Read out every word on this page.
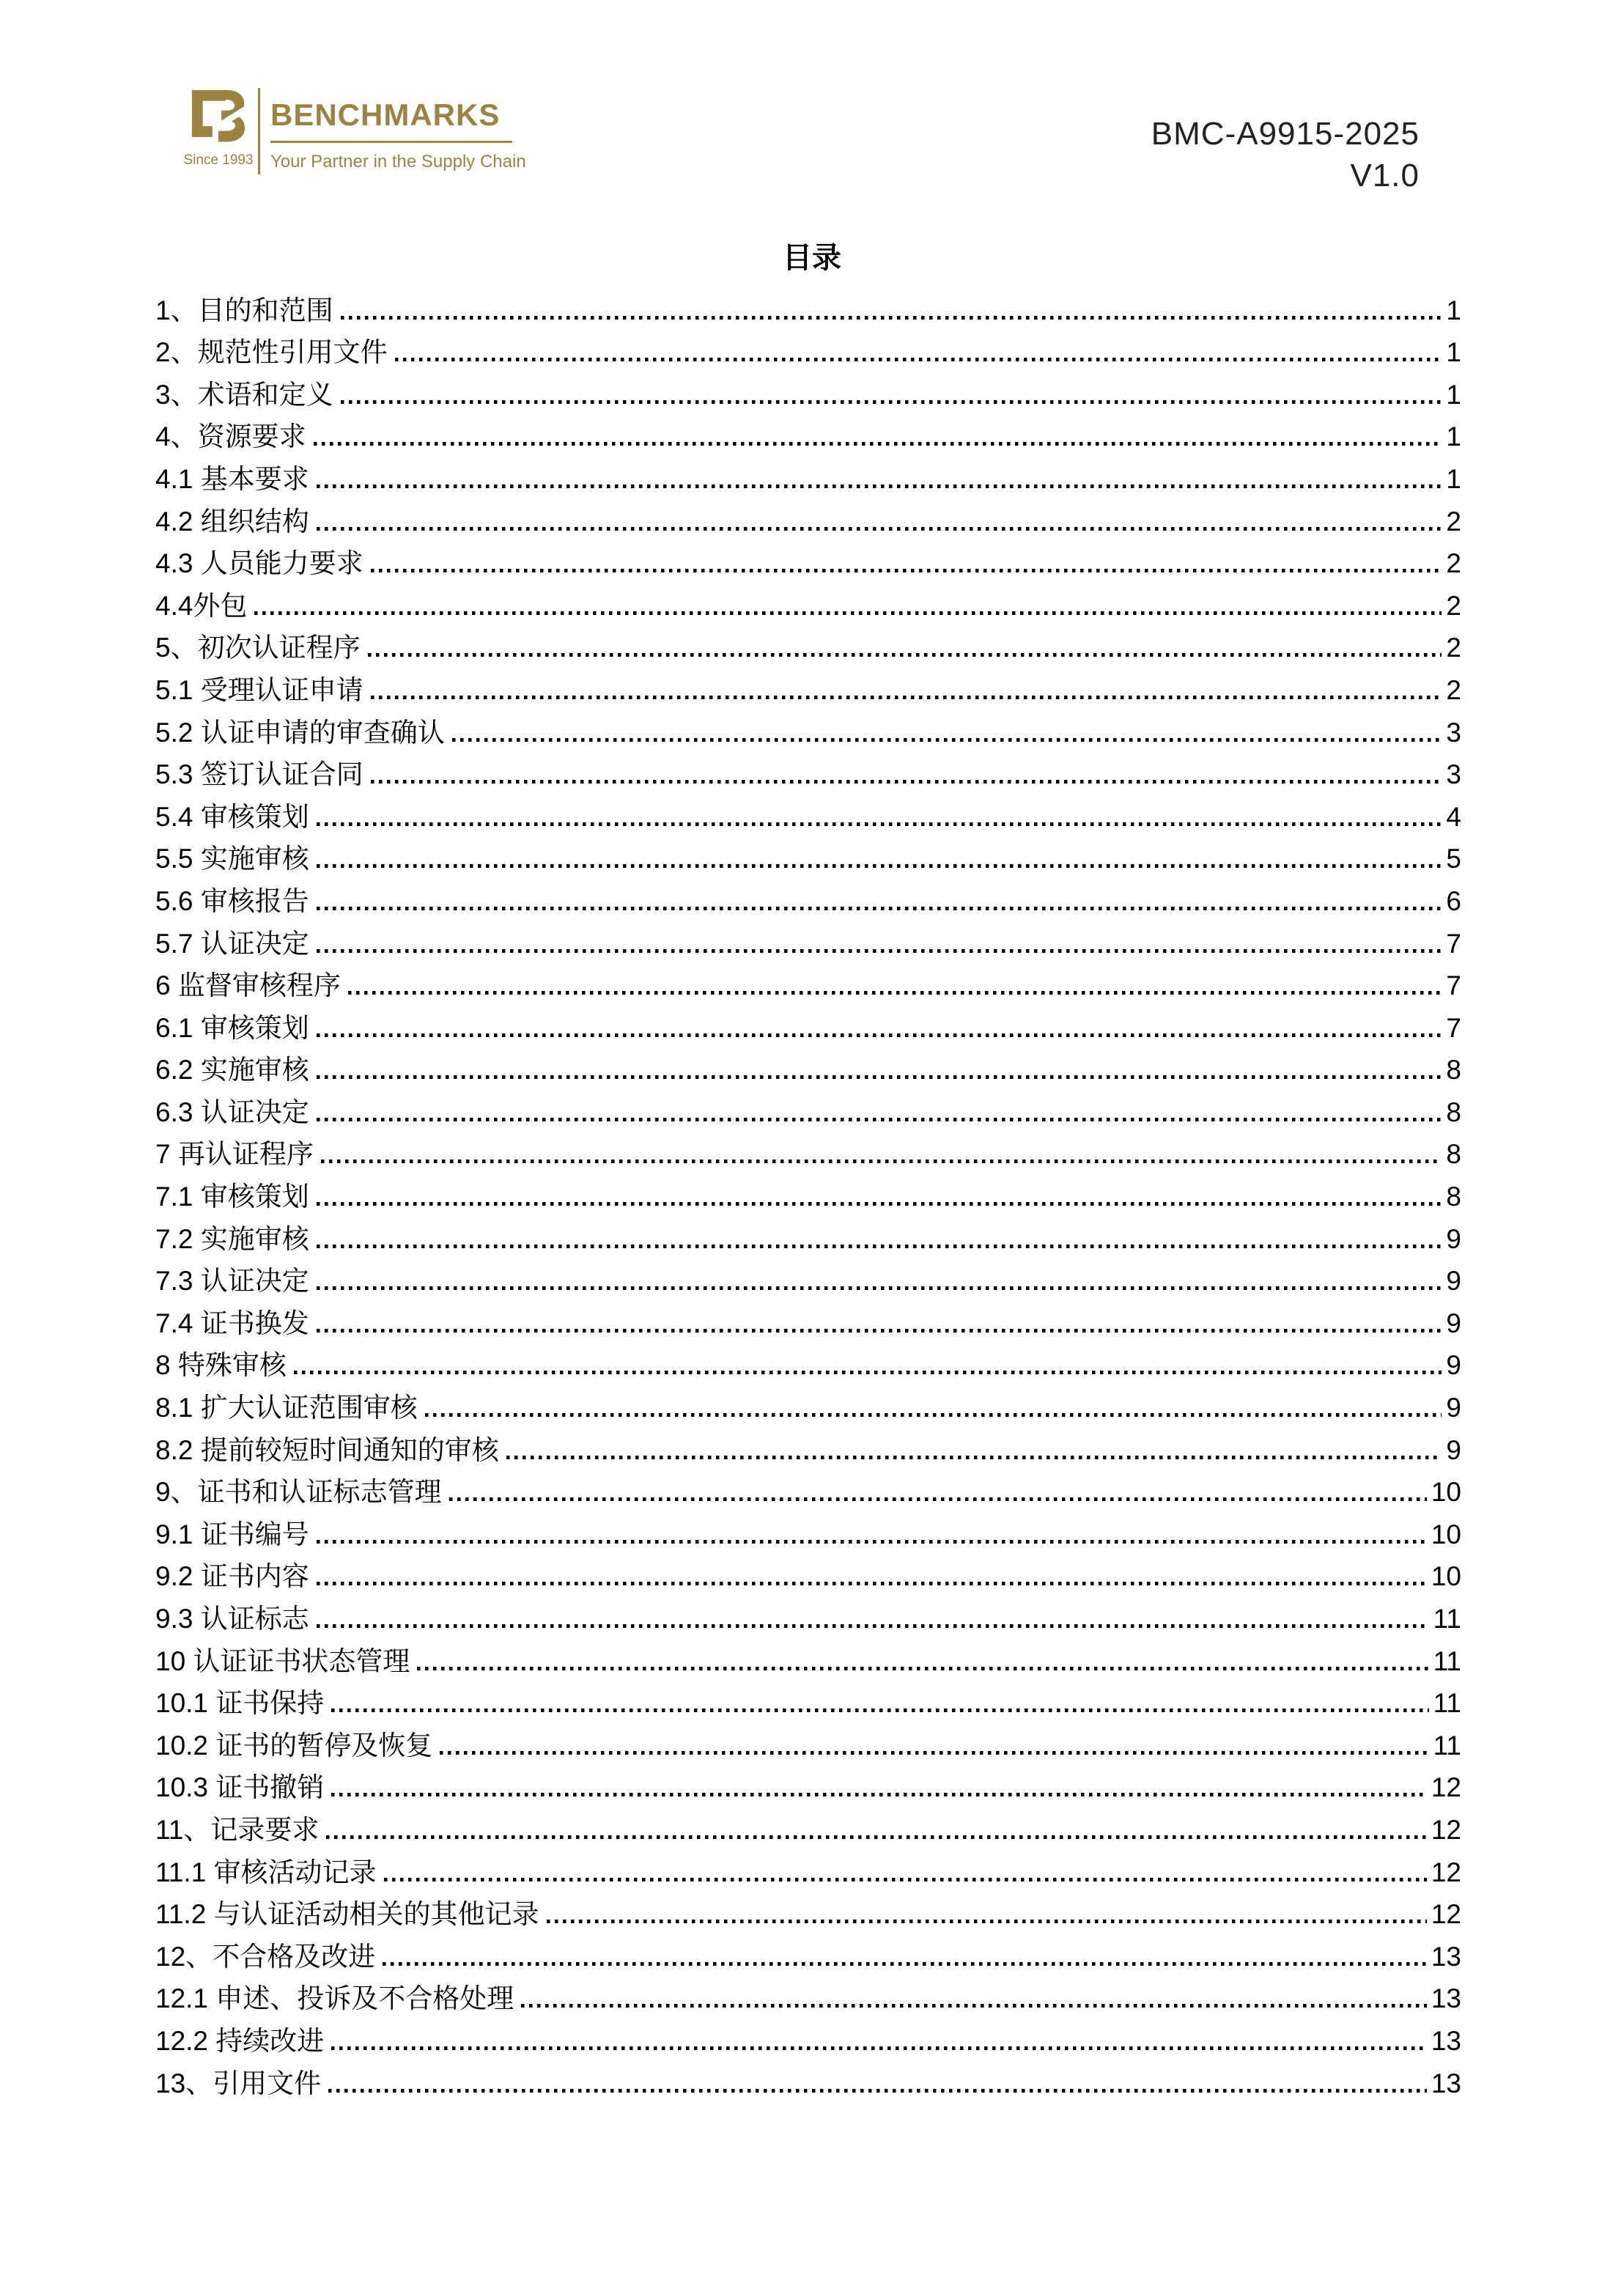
Since 1993
BENCHMARKS
Your Partner in the Supply Chain
BMC-A9915-2025
V1.0
目录
1、目的和范围	1
2、规范性引用文件	1
3、术语和定义	1
4、资源要求	1
4.1 基本要求	1
4.2 组织结构	2
4.3 人员能力要求	2
4.4外包	2
5、初次认证程序	2
5.1 受理认证申请	2
5.2 认证申请的审查确认	3
5.3 签订认证合同	3
5.4 审核策划	4
5.5 实施审核	5
5.6 审核报告	6
5.7 认证决定	7
6 监督审核程序	7
6.1 审核策划	7
6.2 实施审核	8
6.3 认证决定	8
7 再认证程序	8
7.1 审核策划	8
7.2 实施审核	9
7.3 认证决定	9
7.4 证书换发	9
8 特殊审核	9
8.1 扩大认证范围审核	9
8.2 提前较短时间通知的审核	9
9、证书和认证标志管理	10
9.1 证书编号	10
9.2 证书内容	10
9.3 认证标志	11
10 认证证书状态管理	11
10.1 证书保持	11
10.2 证书的暂停及恢复	11
10.3 证书撤销	12
11、记录要求	12
11.1 审核活动记录	12
11.2 与认证活动相关的其他记录	12
12、不合格及改进	13
12.1 申述、投诉及不合格处理	13
12.2 持续改进	13
13、引用文件	13
